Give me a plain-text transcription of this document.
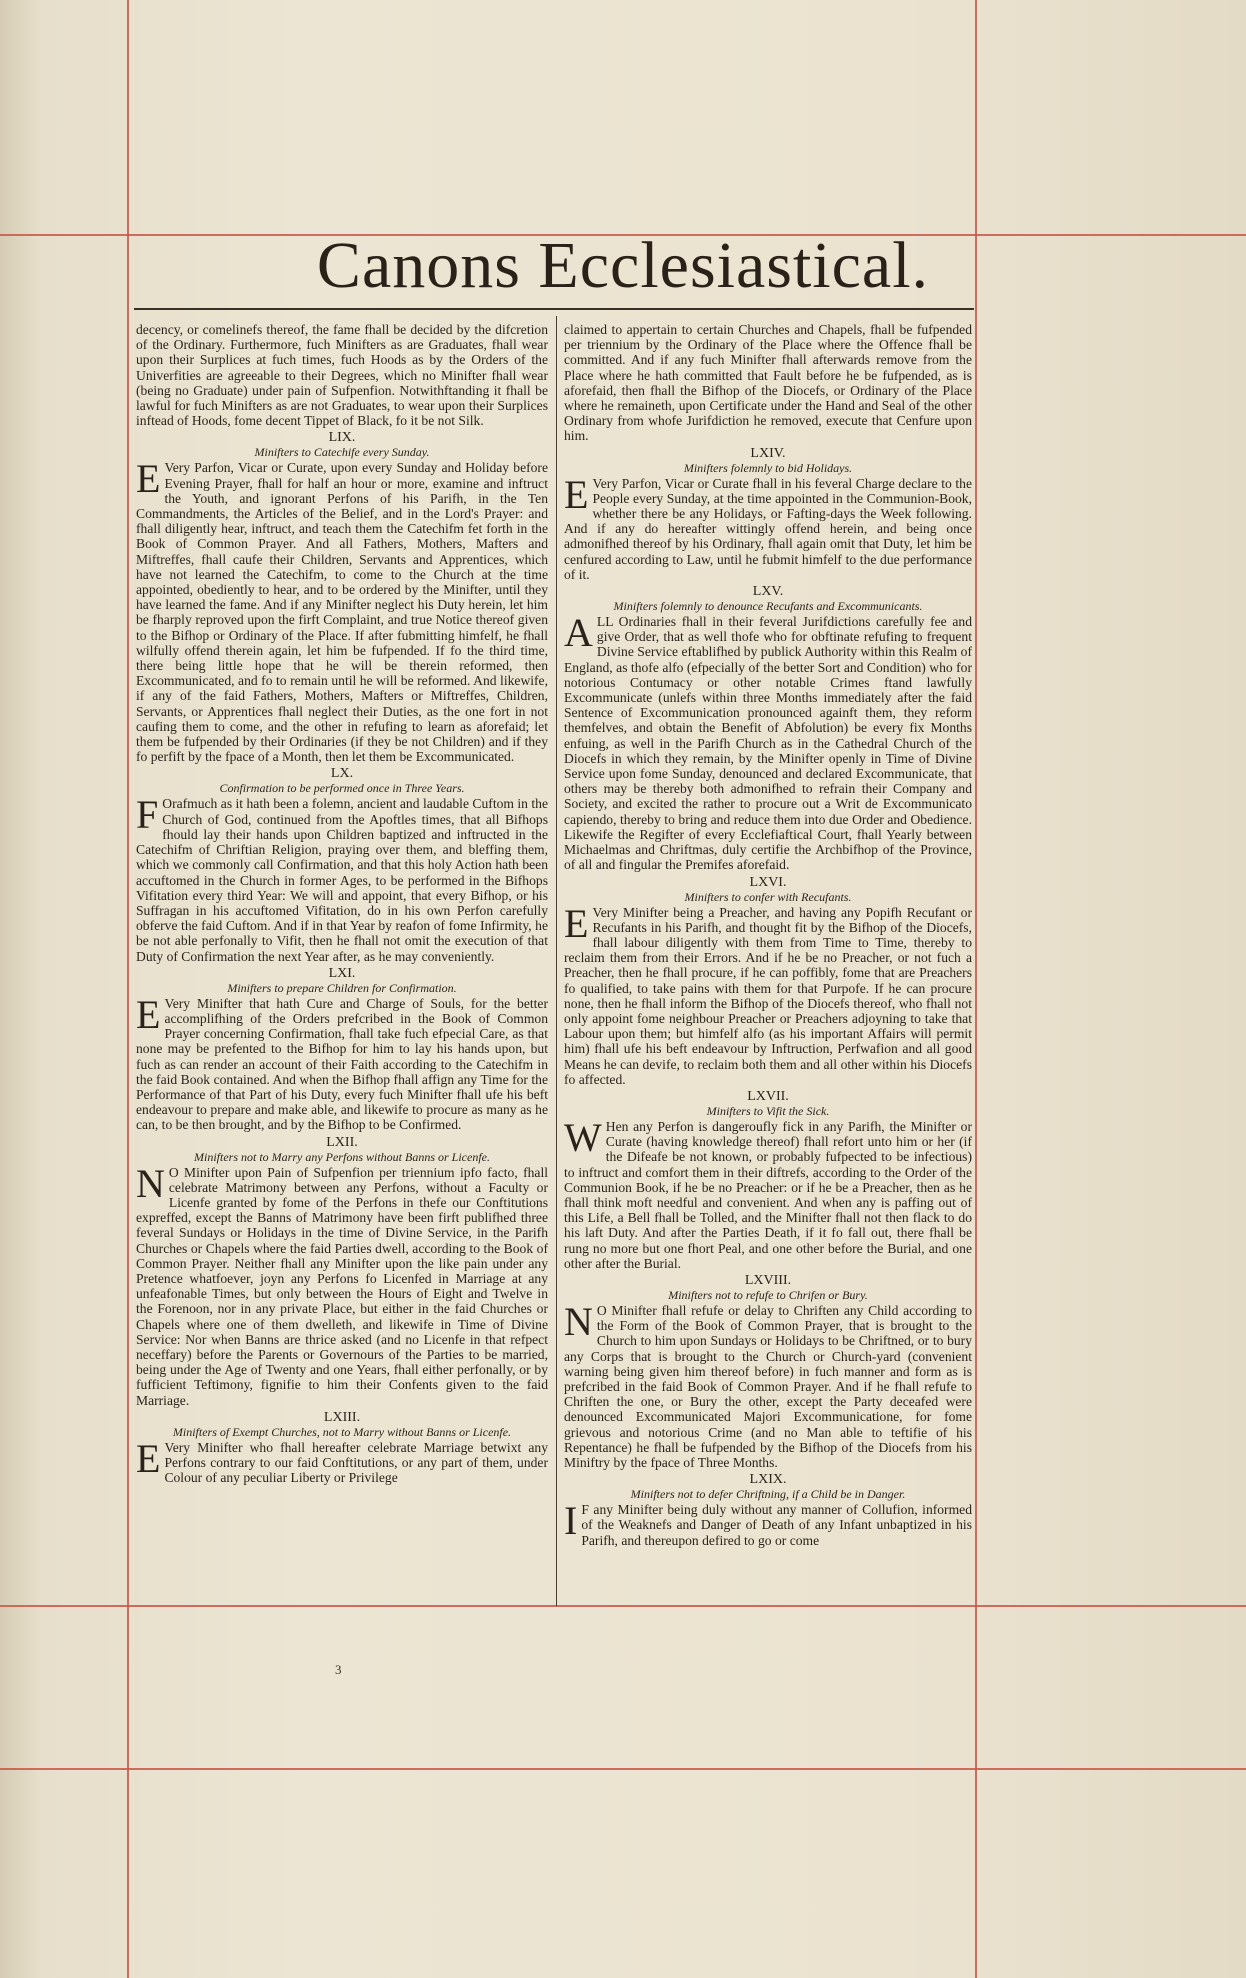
Canons Ecclesiastical.

decency, or comelinefs thereof, the fame fhall be decided by the difcretion of the Ordinary. Furthermore, fuch Minifters as are Graduates, fhall wear upon their Surplices at fuch times, fuch Hoods as by the Orders of the Univerfities are agreeable to their Degrees, which no Minifter fhall wear (being no Graduate) under pain of Sufpenfion. Notwithftanding it fhall be lawful for fuch Minifters as are not Graduates, to wear upon their Surplices inftead of Hoods, fome decent Tippet of Black, fo it be not Silk.

LIX.
Minifters to Catechife every Sunday.

E Very Parfon, Vicar or Curate, upon every Sunday and Holiday before Evening Prayer, fhall for half an hour or more, examine and inftruct the Youth, and ignorant Perfons of his Parifh, in the Ten Commandments, the Articles of the Belief, and in the Lord's Prayer: and fhall diligently hear, inftruct, and teach them the Catechifm fet forth in the Book of Common Prayer. And all Fathers, Mothers, Mafters and Miftreffes, fhall caufe their Children, Servants and Apprentices, which have not learned the Catechifm, to come to the Church at the time appointed, obediently to hear, and to be ordered by the Minifter, until they have learned the fame. And if any Minifter neglect his Duty herein, let him be fharply reproved upon the firft Complaint, and true Notice thereof given to the Bifhop or Ordinary of the Place. If after fubmitting himfelf, he fhall wilfully offend therein again, let him be fufpended. If fo the third time, there being little hope that he will be therein reformed, then Excommunicated, and fo to remain until he will be reformed. And likewife, if any of the faid Fathers, Mothers, Mafters or Miftreffes, Children, Servants, or Apprentices fhall neglect their Duties, as the one fort in not caufing them to come, and the other in refufing to learn as aforefaid; let them be fufpended by their Ordinaries (if they be not Children) and if they fo perfift by the fpace of a Month, then let them be Excommunicated.

LX.
Confirmation to be performed once in Three Years.

F Orafmuch as it hath been a folemn, ancient and laudable Cuftom in the Church of God, continued from the Apoftles times, that all Bifhops fhould lay their hands upon Children baptized and inftructed in the Catechifm of Chriftian Religion, praying over them, and bleffing them, which we commonly call Confirmation, and that this holy Action hath been accuftomed in the Church in former Ages, to be performed in the Bifhops Vifitation every third Year: We will and appoint, that every Bifhop, or his Suffragan in his accuftomed Vifitation, do in his own Perfon carefully obferve the faid Cuftom. And if in that Year by reafon of fome Infirmity, he be not able perfonally to Vifit, then he fhall not omit the execution of that Duty of Confirmation the next Year after, as he may conveniently.

LXI.
Minifters to prepare Children for Confirmation.

E Very Minifter that hath Cure and Charge of Souls, for the better accomplifhing of the Orders prefcribed in the Book of Common Prayer concerning Confirmation, fhall take fuch efpecial Care, as that none may be prefented to the Bifhop for him to lay his hands upon, but fuch as can render an account of their Faith according to the Catechifm in the faid Book contained. And when the Bifhop fhall affign any Time for the Performance of that Part of his Duty, every fuch Minifter fhall ufe his beft endeavour to prepare and make able, and likewife to procure as many as he can, to be then brought, and by the Bifhop to be Confirmed.

LXII.
Minifters not to Marry any Perfons without Banns or Licenfe.

N O Minifter upon Pain of Sufpenfion per triennium ipfo facto, fhall celebrate Matrimony between any Perfons, without a Faculty or Licenfe granted by fome of the Perfons in thefe our Conftitutions expreffed, except the Banns of Matrimony have been firft publifhed three feveral Sundays or Holidays in the time of Divine Service, in the Parifh Churches or Chapels where the faid Parties dwell, according to the Book of Common Prayer. Neither fhall any Minifter upon the like pain under any Pretence whatfoever, joyn any Perfons fo Licenfed in Marriage at any unfeafonable Times, but only between the Hours of Eight and Twelve in the Forenoon, nor in any private Place, but either in the faid Churches or Chapels where one of them dwelleth, and likewife in Time of Divine Service: Nor when Banns are thrice asked (and no Licenfe in that refpect neceffary) before the Parents or Governours of the Parties to be married, being under the Age of Twenty and one Years, fhall either perfonally, or by fufficient Teftimony, fignifie to him their Confents given to the faid Marriage.

LXIII.
Minifters of Exempt Churches, not to Marry without Banns or Licenfe.

E Very Minifter who fhall hereafter celebrate Marriage betwixt any Perfons contrary to our faid Conftitutions, or any part of them, under Colour of any peculiar Liberty or Privilege

claimed to appertain to certain Churches and Chapels, fhall be fufpended per triennium by the Ordinary of the Place where the Offence fhall be committed. And if any fuch Minifter fhall afterwards remove from the Place where he hath committed that Fault before he be fufpended, as is aforefaid, then fhall the Bifhop of the Diocefs, or Ordinary of the Place where he remaineth, upon Certificate under the Hand and Seal of the other Ordinary from whofe Jurifdiction he removed, execute that Cenfure upon him.

LXIV.
Minifters folemnly to bid Holidays.

E Very Parfon, Vicar or Curate fhall in his feveral Charge declare to the People every Sunday, at the time appointed in the Communion-Book, whether there be any Holidays, or Fafting-days the Week following. And if any do hereafter wittingly offend herein, and being once admonifhed thereof by his Ordinary, fhall again omit that Duty, let him be cenfured according to Law, until he fubmit himfelf to the due performance of it.

LXV.
Minifters folemnly to denounce Recufants and Excommunicants.

ALL Ordinaries fhall in their feveral Jurifdictions carefully fee and give Order, that as well thofe who for obftinate refufing to frequent Divine Service eftablifhed by publick Authority within this Realm of England, as thofe alfo (efpecially of the better Sort and Condition) who for notorious Contumacy or other notable Crimes ftand lawfully Excommunicate (unlefs within three Months immediately after the faid Sentence of Excommunication pronounced againft them, they reform themfelves, and obtain the Benefit of Abfolution) be every fix Months enfuing, as well in the Parifh Church as in the Cathedral Church of the Diocefs in which they remain, by the Minifter openly in Time of Divine Service upon fome Sunday, denounced and declared Excommunicate, that others may be thereby both admonifhed to refrain their Company and Society, and excited the rather to procure out a Writ de Excommunicato capiendo, thereby to bring and reduce them into due Order and Obedience. Likewife the Regifter of every Ecclefiaftical Court, fhall Yearly between Michaelmas and Chriftmas, duly certifie the Archbifhop of the Province, of all and fingular the Premifes aforefaid.

LXVI.
Minifters to confer with Recufants.

E Very Minifter being a Preacher, and having any Popifh Recufant or Recufants in his Parifh, and thought fit by the Bifhop of the Diocefs, fhall labour diligently with them from Time to Time, thereby to reclaim them from their Errors. And if he be no Preacher, or not fuch a Preacher, then he fhall procure, if he can poffibly, fome that are Preachers fo qualified, to take pains with them for that Purpofe. If he can procure none, then he fhall inform the Bifhop of the Diocefs thereof, who fhall not only appoint fome neighbour Preacher or Preachers adjoyning to take that Labour upon them; but himfelf alfo (as his important Affairs will permit him) fhall ufe his beft endeavour by Inftruction, Perfwafion and all good Means he can devife, to reclaim both them and all other within his Diocefs fo affected.

LXVII.
Minifters to Vifit the Sick.

W Hen any Perfon is dangeroufly fick in any Parifh, the Minifter or Curate (having knowledge thereof) fhall refort unto him or her (if the Difeafe be not known, or probably fufpected to be infectious) to inftruct and comfort them in their diftrefs, according to the Order of the Communion Book, if he be no Preacher: or if he be a Preacher, then as he fhall think moft needful and convenient. And when any is paffing out of this Life, a Bell fhall be Tolled, and the Minifter fhall not then flack to do his laft Duty. And after the Parties Death, if it fo fall out, there fhall be rung no more but one fhort Peal, and one other before the Burial, and one other after the Burial.

LXVIII.
Minifters not to refufe to Chrifen or Bury.

N O Minifter fhall refufe or delay to Chriften any Child according to the Form of the Book of Common Prayer, that is brought to the Church to him upon Sundays or Holidays to be Chriftned, or to bury any Corps that is brought to the Church or Church-yard (convenient warning being given him thereof before) in fuch manner and form as is prefcribed in the faid Book of Common Prayer. And if he fhall refufe to Chriften the one, or Bury the other, except the Party deceafed were denounced Excommunicated Majori Excommunicatione, for fome grievous and notorious Crime (and no Man able to teftifie of his Repentance) he fhall be fufpended by the Bifhop of the Diocefs from his Miniftry by the fpace of Three Months.

LXIX.
Minifters not to defer Chriftning, if a Child be in Danger.

I F any Minifter being duly without any manner of Collufion, informed of the Weaknefs and Danger of Death of any Infant unbaptized in his Parifh, and thereupon defired to go or come

3
